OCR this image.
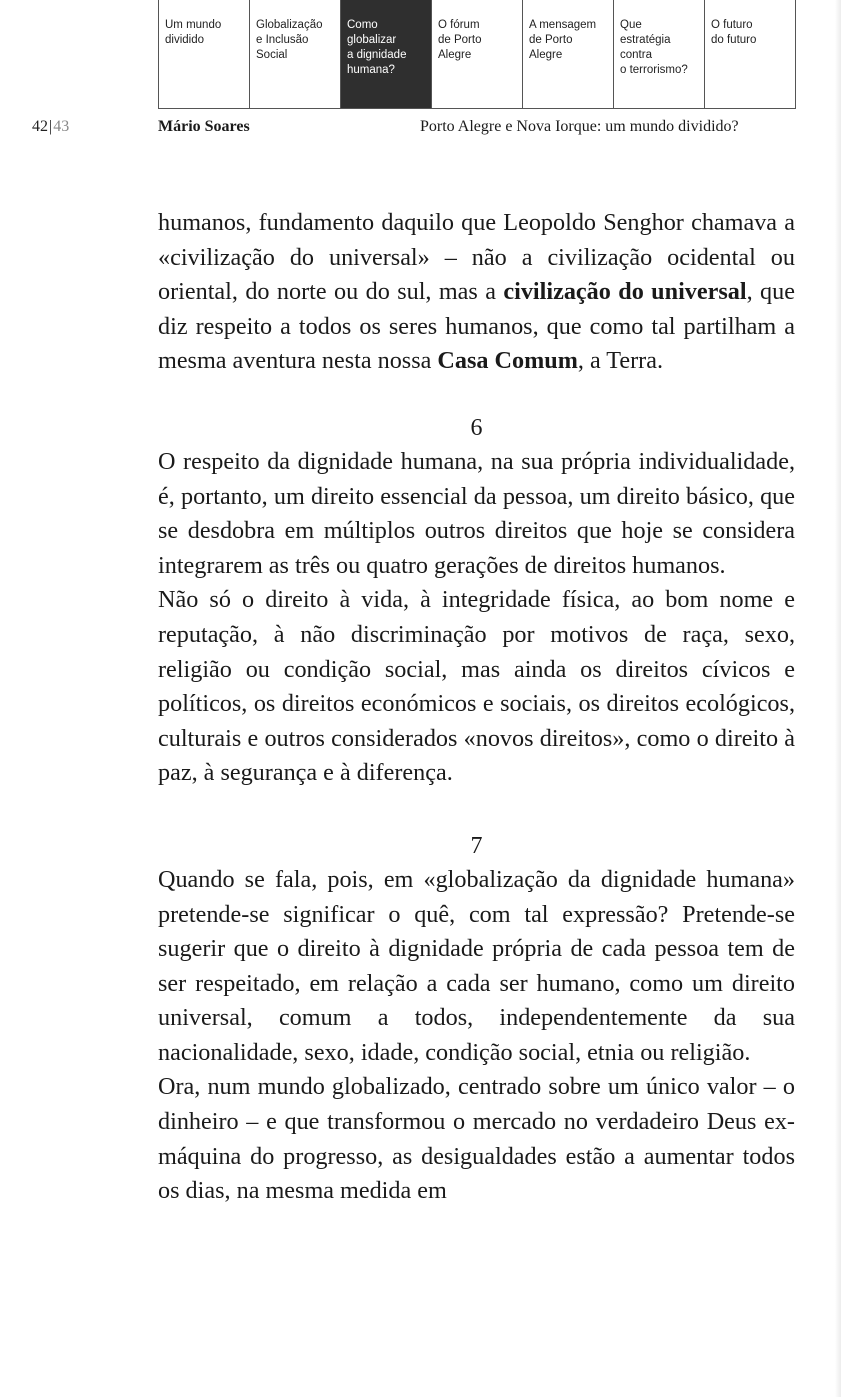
Um mundo
dividido
Globalização
e Inclusão
Social
Como
globalizar
a dignidade
humana?
O fórum
de Porto
Alegre
A mensagem
de Porto
Alegre
Que
estratégia
contra
o terrorismo?
O futuro
do futuro
42|43	Mário Soares	Porto Alegre e Nova Iorque: um mundo dividido?

humanos, fundamento daquilo que Leopoldo Senghor chamava a «civilização do universal» – não a civilização ocidental ou oriental, do norte ou do sul, mas a civilização do universal, que diz respeito a todos os seres humanos, que como tal partilham a mesma aventura nesta nossa Casa Comum, a Terra.

6

O respeito da dignidade humana, na sua própria individualidade, é, portanto, um direito essencial da pessoa, um direito básico, que se desdobra em múltiplos outros direitos que hoje se considera integrarem as três ou quatro gerações de direitos humanos.

Não só o direito à vida, à integridade física, ao bom nome e reputação, à não discriminação por motivos de raça, sexo, religião ou condição social, mas ainda os direitos cívicos e políticos, os direitos económicos e sociais, os direitos ecológicos, culturais e outros considerados «novos direitos», como o direito à paz, à segurança e à diferença.

7

Quando se fala, pois, em «globalização da dignidade humana» pretende-se significar o quê, com tal expressão? Pretende-se sugerir que o direito à dignidade própria de cada pessoa tem de ser respeitado, em relação a cada ser humano, como um direito universal, comum a todos, independentemente da sua nacionalidade, sexo, idade, condição social, etnia ou religião.

Ora, num mundo globalizado, centrado sobre um único valor – o dinheiro – e que transformou o mercado no verdadeiro Deus ex-máquina do progresso, as desigualdades estão a aumentar todos os dias, na mesma medida em
